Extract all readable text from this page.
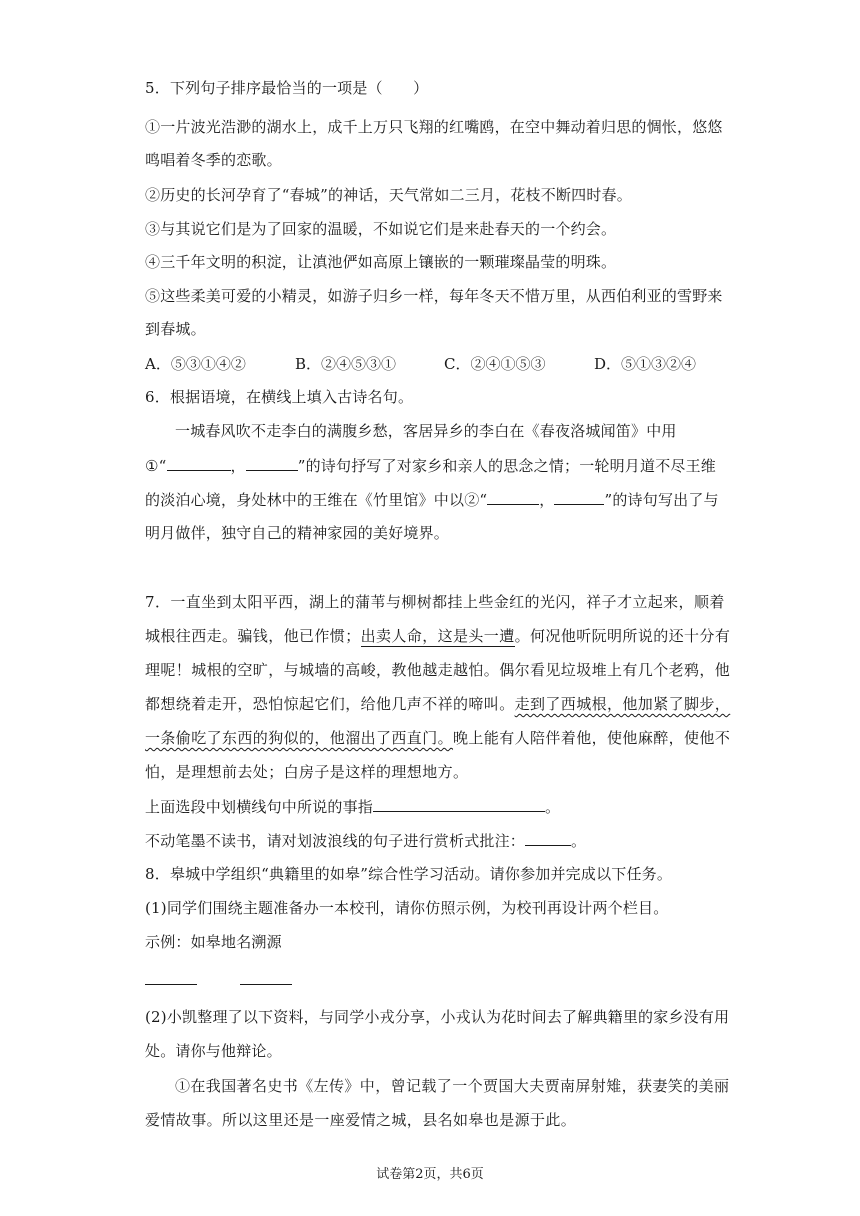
5．下列句子排序最恰当的一项是（　　）
①一片波光浩渺的湖水上，成千上万只飞翔的红嘴鸥，在空中舞动着归思的惆怅，悠悠
鸣唱着冬季的恋歌。
②历史的长河孕育了“春城”的神话，天气常如二三月，花枝不断四时春。
③与其说它们是为了回家的温暖，不如说它们是来赴春天的一个约会。
④三千年文明的积淀，让滇池俨如高原上镶嵌的一颗璀璨晶莹的明珠。
⑤这些柔美可爱的小精灵，如游子归乡一样，每年冬天不惜万里，从西伯利亚的雪野来
到春城。
A．⑤③①④②	B．②④⑤③①	C．②④①⑤③	D．⑤①③②④
6．根据语境，在横线上填入古诗名句。
一城春风吹不走李白的满腹乡愁，客居异乡的李白在《春夜洛城闻笛》中用
①“	，	”的诗句抒写了对家乡和亲人的思念之情；一轮明月道不尽王维
的淡泊心境，身处林中的王维在《竹里馆》中以②“	，	”的诗句写出了与
明月做伴，独守自己的精神家园的美好境界。
7．一直坐到太阳平西，湖上的蒲苇与柳树都挂上些金红的光闪，祥子才立起来，顺着
城根往西走。骗钱，他已作惯；出卖人命，这是头一遭。何况他听阮明所说的还十分有
理呢！城根的空旷，与城墙的高峻，教他越走越怕。偶尔看见垃圾堆上有几个老鸦，他
都想绕着走开，恐怕惊起它们，给他几声不祥的啼叫。走到了西城根，他加紧了脚步，
一条偷吃了东西的狗似的，他溜出了西直门。晚上能有人陪伴着他，使他麻醉，使他不
怕，是理想前去处；白房子是这样的理想地方。
上面选段中划横线句中所说的事指	。
不动笔墨不读书，请对划波浪线的句子进行赏析式批注：	。
8．皋城中学组织“典籍里的如皋”综合性学习活动。请你参加并完成以下任务。
(1)同学们围绕主题准备办一本校刊，请你仿照示例，为校刊再设计两个栏目。
示例：如皋地名溯源
(2)小凯整理了以下资料，与同学小戎分享，小戎认为花时间去了解典籍里的家乡没有用
处。请你与他辩论。
①在我国著名史书《左传》中，曾记载了一个贾国大夫贾南屏射雉，获妻笑的美丽
爱情故事。所以这里还是一座爱情之城，县名如皋也是源于此。
试卷第2页，共6页
